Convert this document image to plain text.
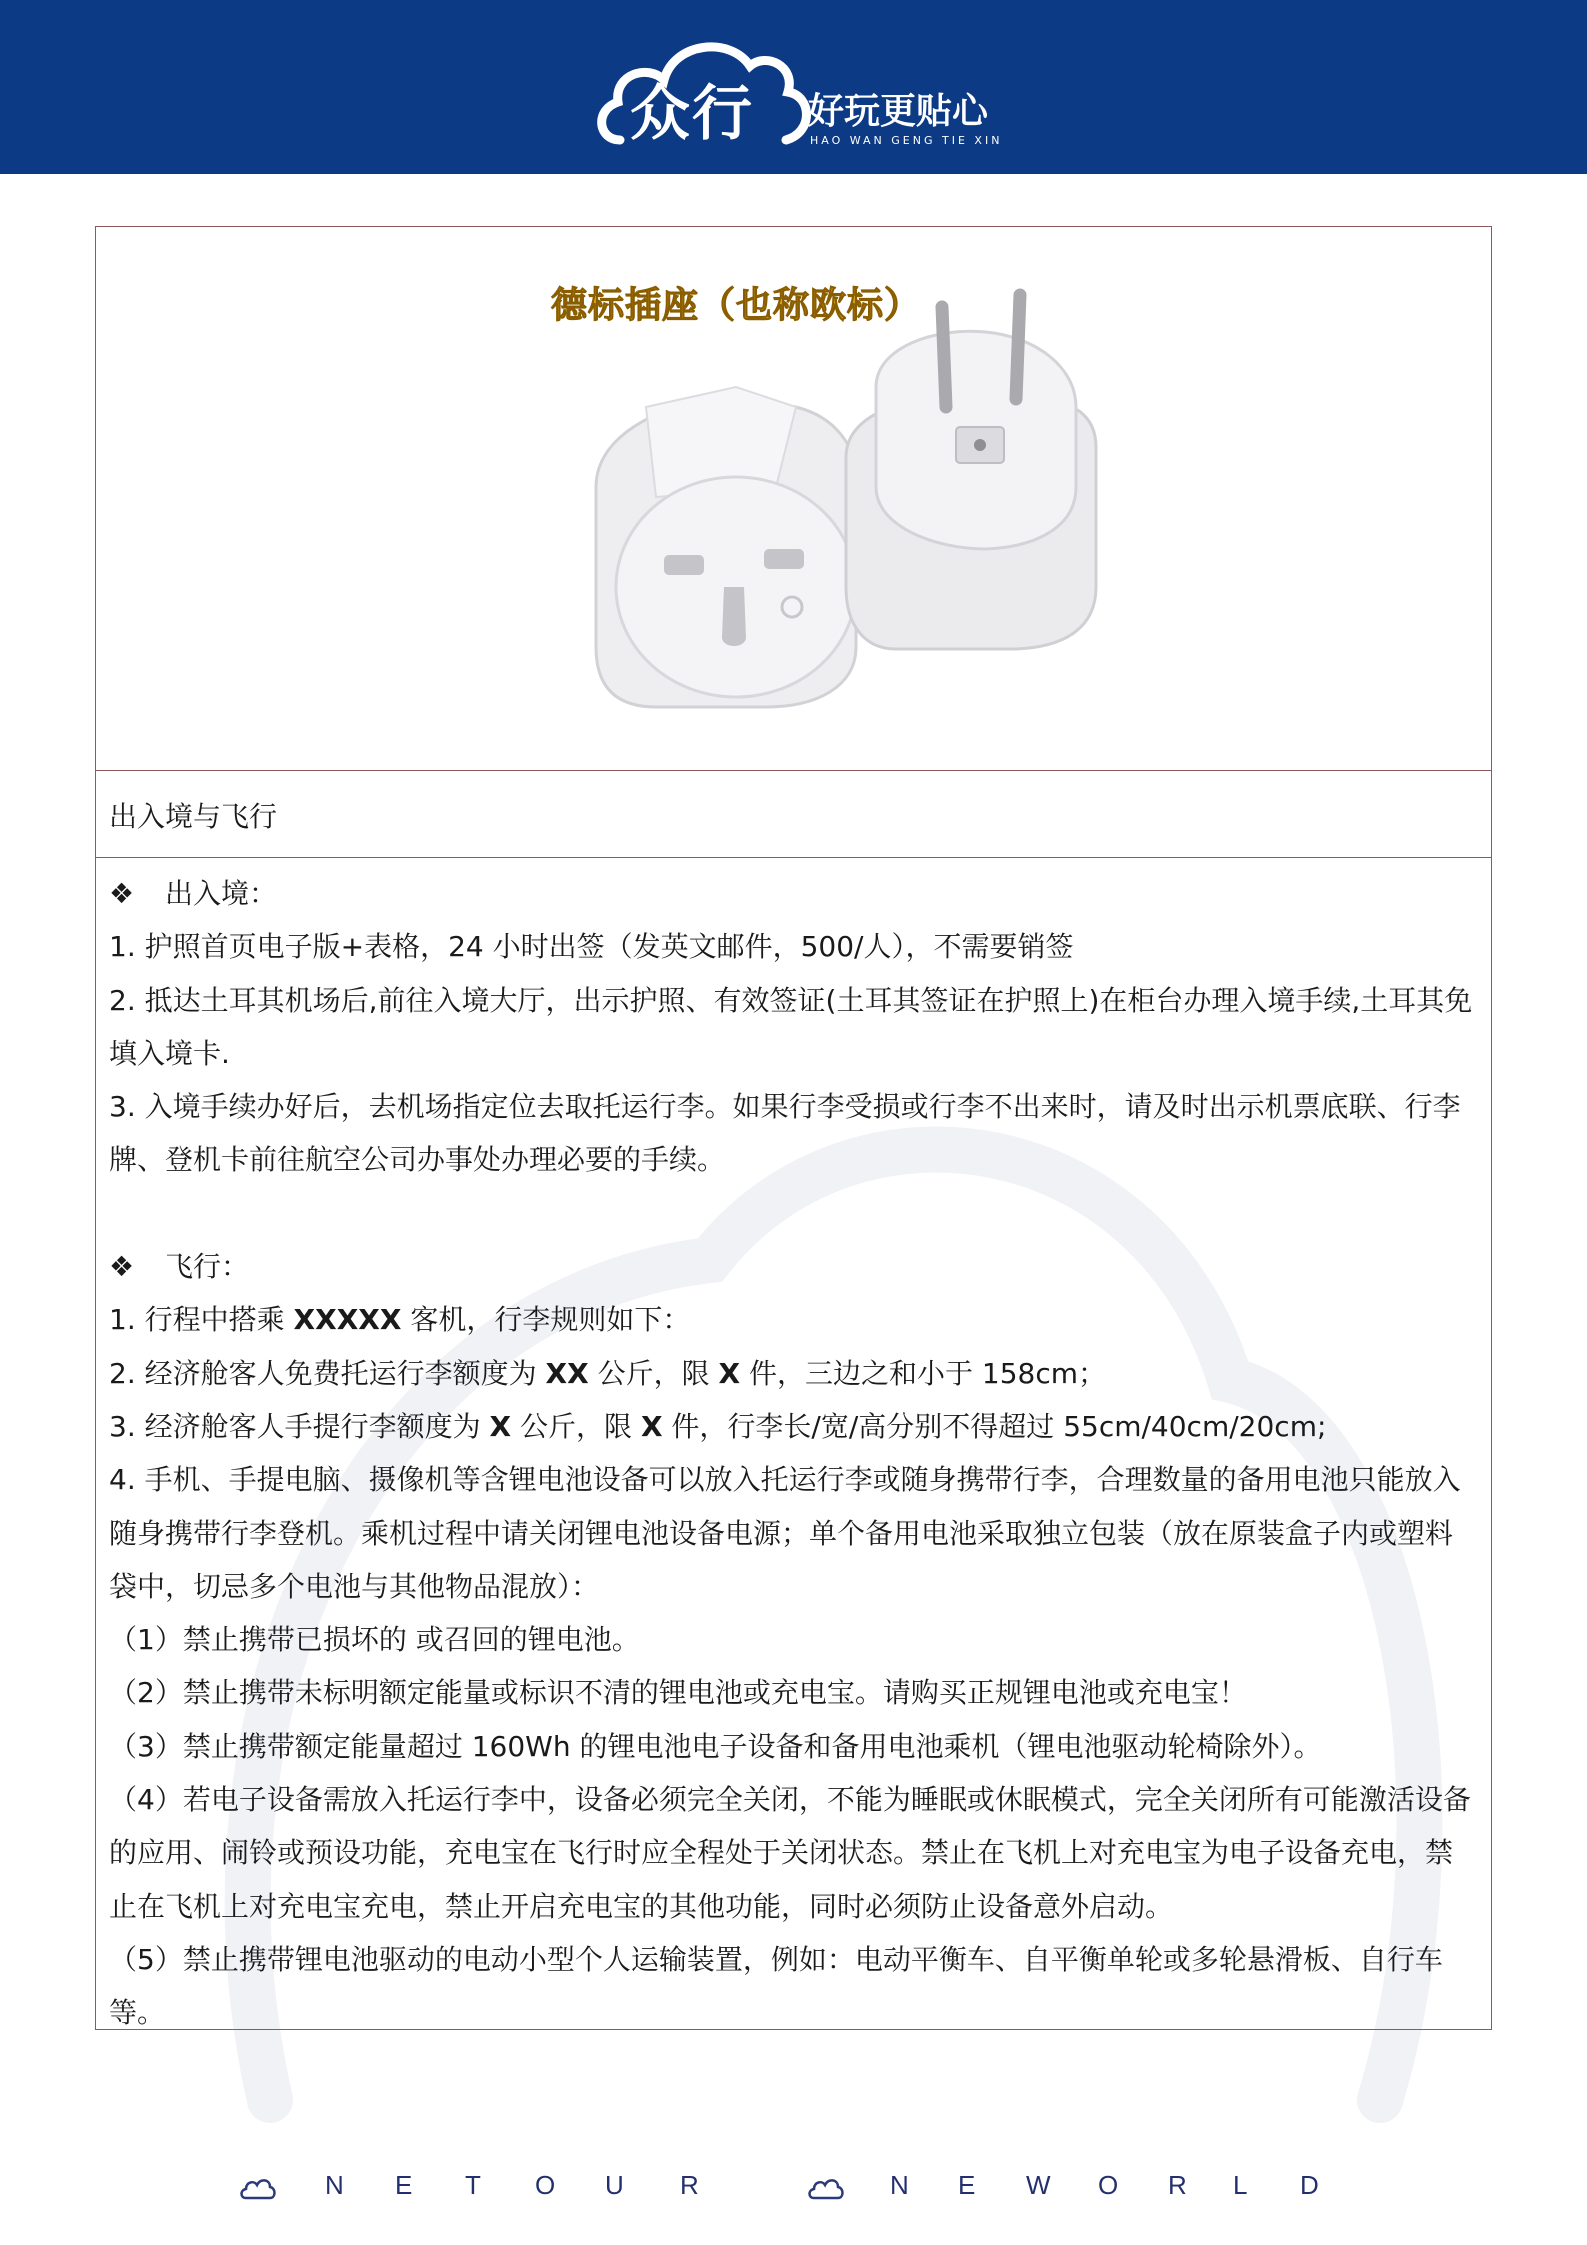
众行 好玩更贴心
HAO WAN GENG TIE XIN
德标插座（也称欧标）
出入境与飞行

❖ 出入境：

1. 护照首页电子版+表格，24 小时出签（发英文邮件，500/人），不需要销签

2. 抵达土耳其机场后,前往入境大厅，出示护照、有效签证(土耳其签证在护照上)在柜台办理入境手续,土耳其免填入境卡.

3. 入境手续办好后，去机场指定位去取托运行李。如果行李受损或行李不出来时，请及时出示机票底联、行李牌、登机卡前往航空公司办事处办理必要的手续。

❖ 飞行：

1. 行程中搭乘 XXXXX 客机，行李规则如下：

2. 经济舱客人免费托运行李额度为 XX 公斤，限 X 件，三边之和小于 158cm；

3. 经济舱客人手提行李额度为 X 公斤，限 X 件，行李长/宽/高分别不得超过 55cm/40cm/20cm;

4. 手机、手提电脑、摄像机等含锂电池设备可以放入托运行李或随身携带行李，合理数量的备用电池只能放入随身携带行李登机。乘机过程中请关闭锂电池设备电源；单个备用电池采取独立包装（放在原装盒子内或塑料袋中，切忌多个电池与其他物品混放）：

（1）禁止携带已损坏的 或召回的锂电池。

（2）禁止携带未标明额定能量或标识不清的锂电池或充电宝。请购买正规锂电池或充电宝！

（3）禁止携带额定能量超过 160Wh 的锂电池电子设备和备用电池乘机（锂电池驱动轮椅除外）。

（4）若电子设备需放入托运行李中，设备必须完全关闭，不能为睡眠或休眠模式，完全关闭所有可能激活设备的应用、闹铃或预设功能，充电宝在飞行时应全程处于关闭状态。禁止在飞机上对充电宝为电子设备充电，禁止在飞机上对充电宝充电，禁止开启充电宝的其他功能，同时必须防止设备意外启动。

（5）禁止携带锂电池驱动的电动小型个人运输装置，例如：电动平衡车、自平衡单轮或多轮悬滑板、自行车等。

N E T O U R	N E W O R L D
